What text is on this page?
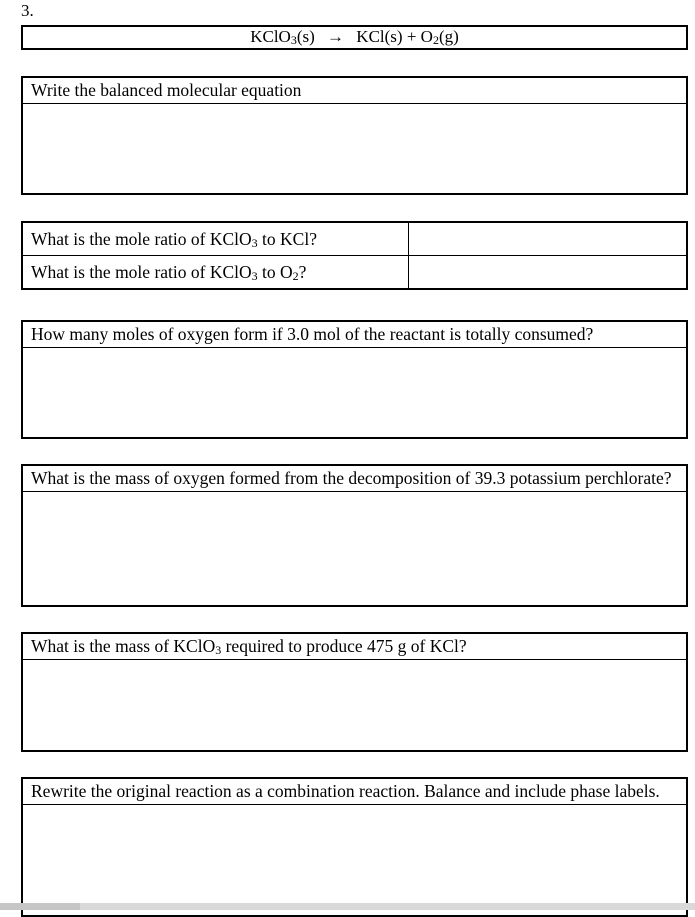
3.
KClO$_3$(s) → $KCl(s) + O_2(g)$
Write the balanced molecular equation
What is the mole ratio of KClO$_3$ to KCl?	
What is the mole ratio of KClO$_3$ to $O_2$?	
How many moles of oxygen form if 3.0 mol of the reactant is totally consumed?
What is the mass of oxygen formed from the decomposition of 39.3 potassium perchlorate?
What is the mass of KClO$_3$ required to produce 475 g of KCl?
Rewrite the original reaction as a combination reaction. Balance and include phase labels.
